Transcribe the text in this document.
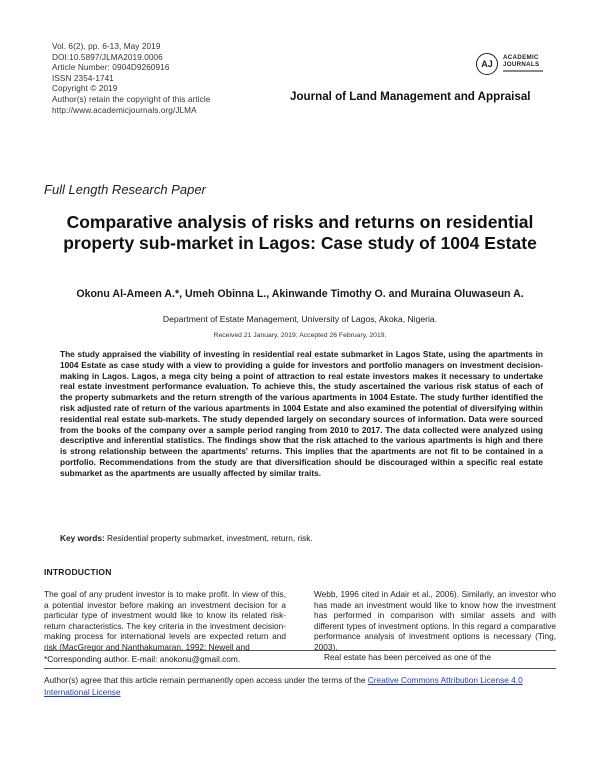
Vol. 6(2), pp. 6-13, May 2019
DOI:10.5897/JLMA2019.0006
Article Number: 0904D9260916
ISSN 2354-1741
Copyright © 2019
Author(s) retain the copyright of this article
http://www.academicjournals.org/JLMA
AJ
ACADEMIC
JOURNALS
Journal of Land Management and Appraisal
Full Length Research Paper
Comparative analysis of risks and returns on residential property sub-market in Lagos: Case study of 1004 Estate
Okonu Al-Ameen A.*, Umeh Obinna L., Akinwande Timothy O. and Muraina Oluwaseun A.
Department of Estate Management, University of Lagos, Akoka, Nigeria.
Received 21 January, 2019; Accepted 26 February, 2019.
The study appraised the viability of investing in residential real estate submarket in Lagos State, using the apartments in 1004 Estate as case study with a view to providing a guide for investors and portfolio managers on investment decision-making in Lagos. Lagos, a mega city being a point of attraction to real estate investors makes it necessary to undertake real estate investment performance evaluation. To achieve this, the study ascertained the various risk status of each of the property submarkets and the return strength of the various apartments in 1004 Estate. The study further identified the risk adjusted rate of return of the various apartments in 1004 Estate and also examined the potential of diversifying within residential real estate sub-markets. The study depended largely on secondary sources of information. Data were sourced from the books of the company over a sample period ranging from 2010 to 2017. The data collected were analyzed using descriptive and inferential statistics. The findings show that the risk attached to the various apartments is high and there is strong relationship between the apartments' returns. This implies that the apartments are not fit to be contained in a portfolio. Recommendations from the study are that diversification should be discouraged within a specific real estate submarket as the apartments are usually affected by similar traits.
Key words: Residential property submarket, investment, return, risk.
INTRODUCTION

The goal of any prudent investor is to make profit. In view of this, a potential investor before making an investment decision for a particular type of investment would like to know its related risk-return characteristics. The key criteria in the investment decision-making process for international levels are expected return and risk (MacGregor and Nanthakumaran, 1992; Newell and

Webb, 1996 cited in Adair et al., 2006). Similarly, an investor who has made an investment would like to know how the investment has performed in comparison with similar assets and with different types of investment options. In this regard a comparative performance analysis of investment options is necessary (Ting, 2003).

Real estate has been perceived as one of the

*Corresponding author. E-mail: anokonu@gmail.com.
Author(s) agree that this article remain permanently open access under the terms of the Creative Commons Attribution License 4.0 International License
